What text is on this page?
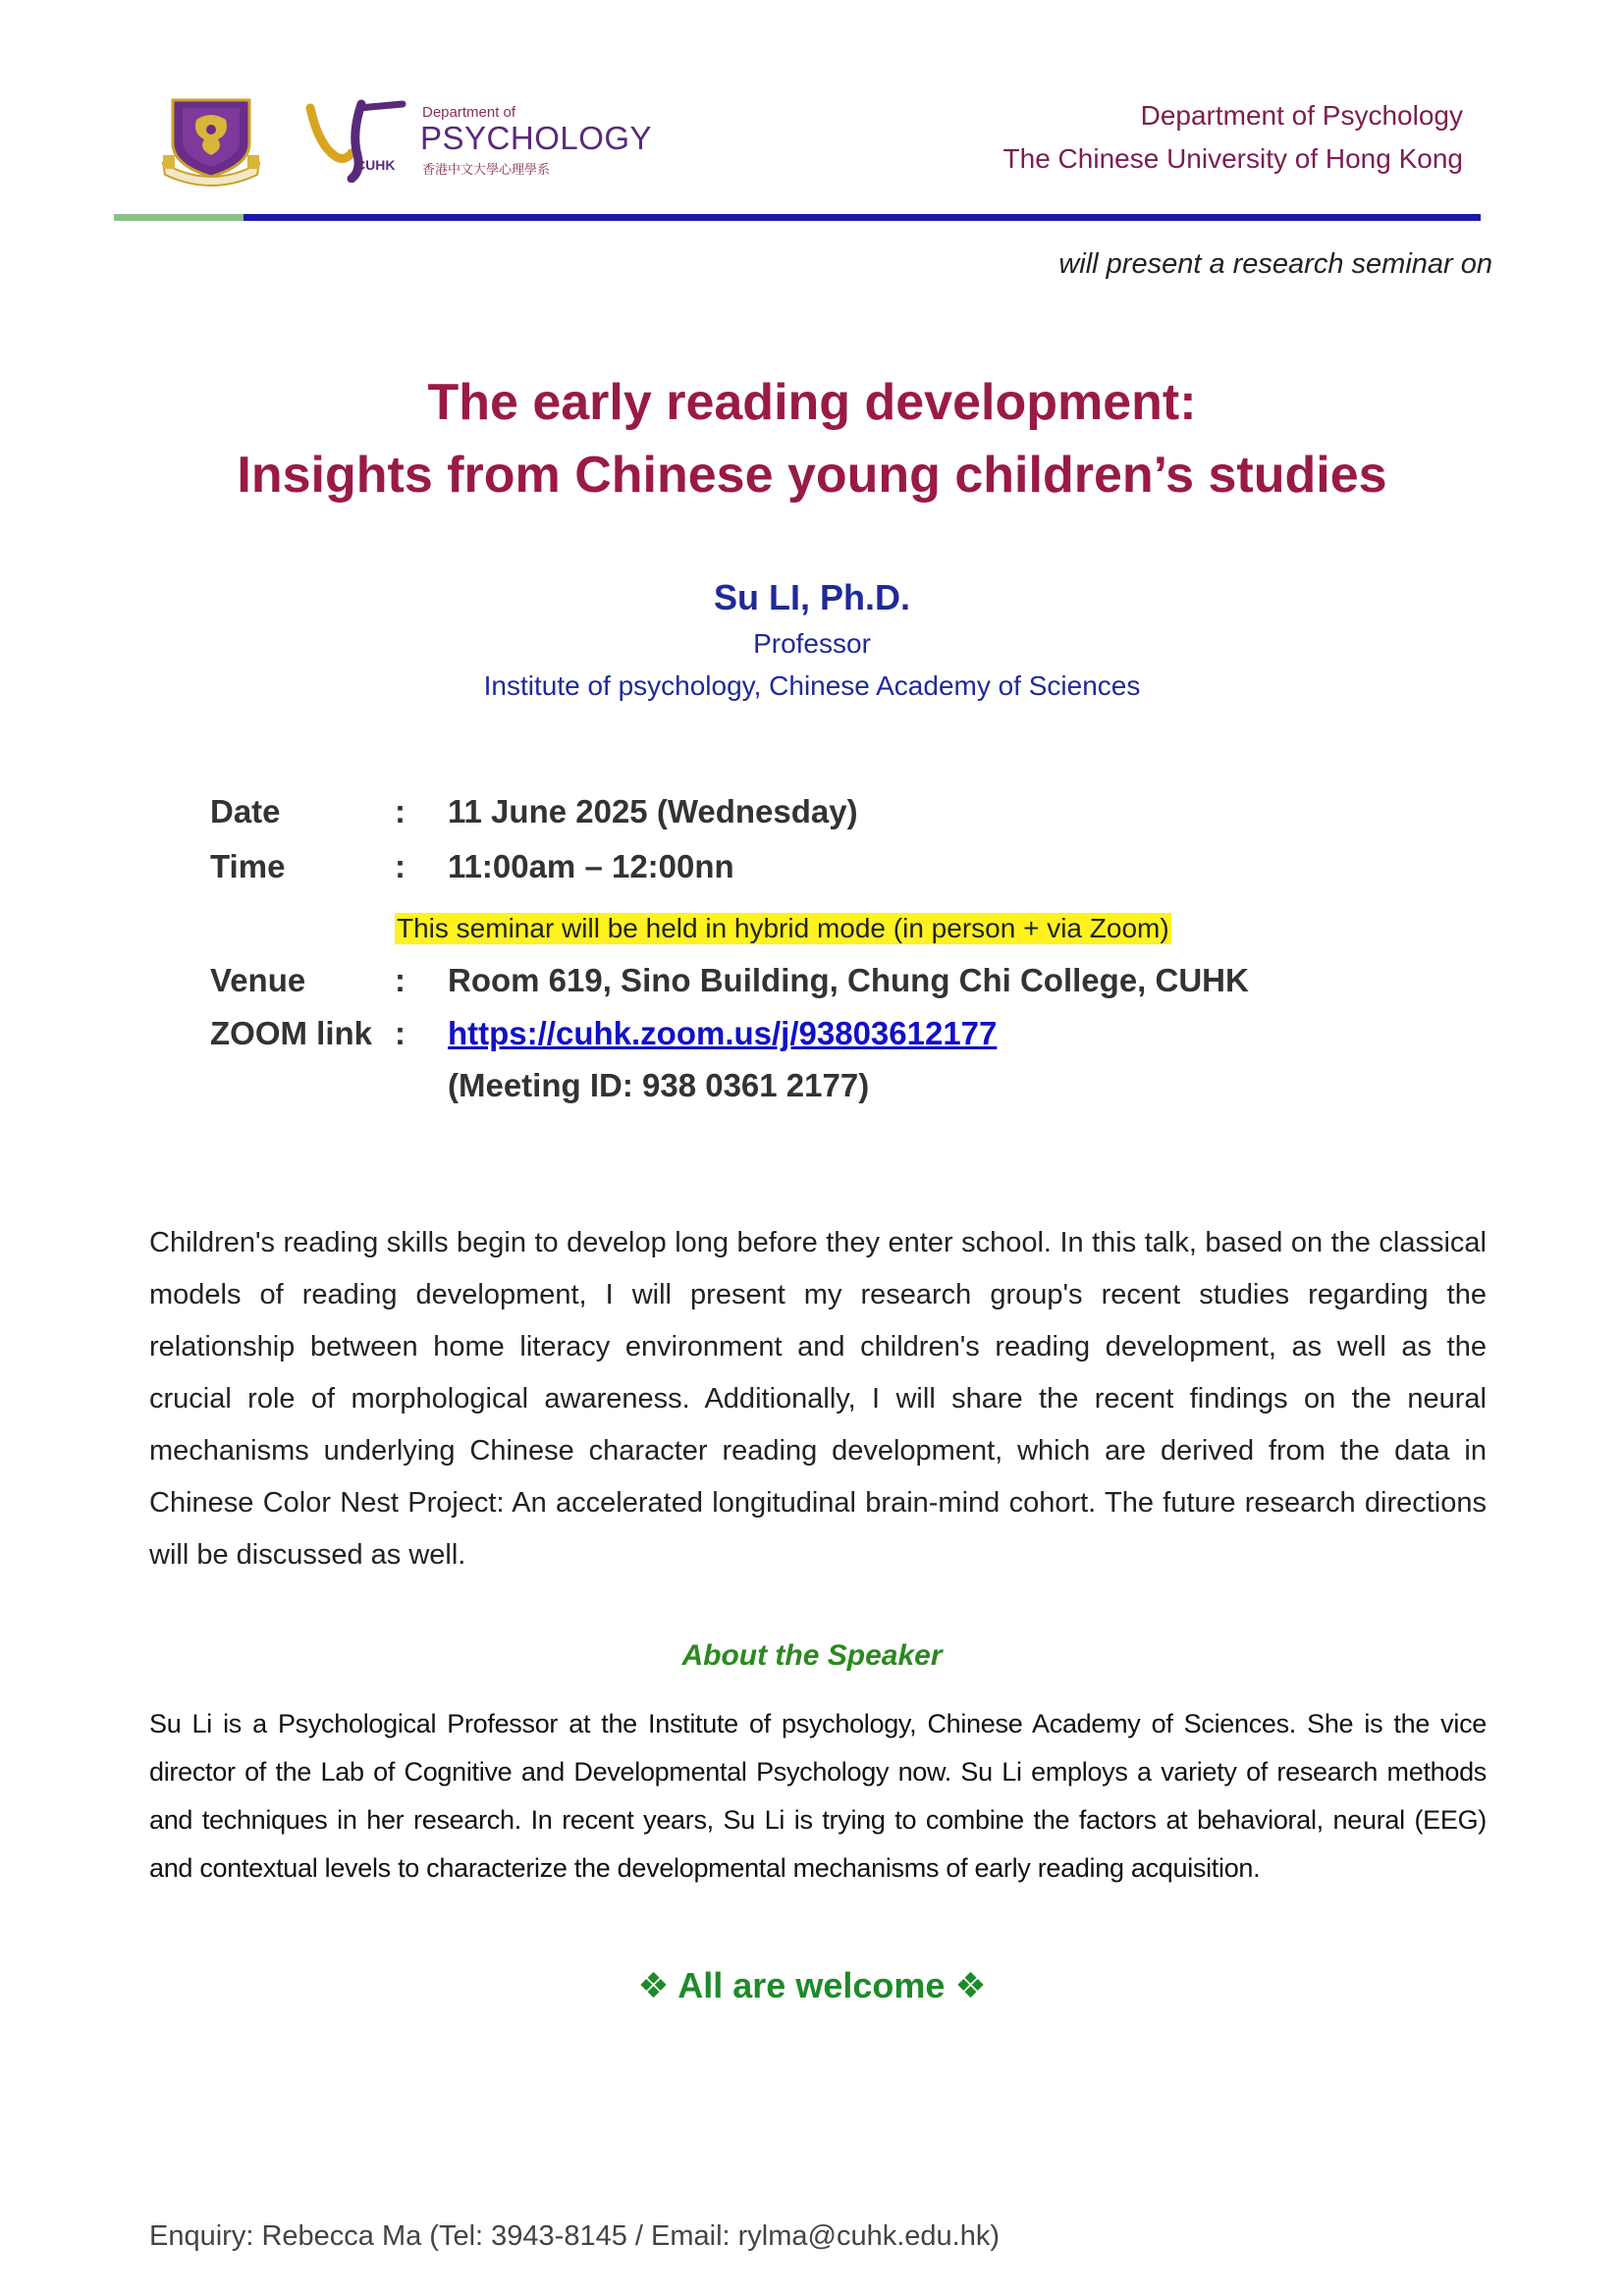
CUHK
Department of
PSYCHOLOGY
香港中文大學心理學系
Department of Psychology
The Chinese University of Hong Kong
will present a research seminar on
The early reading development:
Insights from Chinese young children’s studies
Su LI, Ph.D.
Professor
Institute of psychology, Chinese Academy of Sciences
Date	: 11 June 2025 (Wednesday)
Time	: 11:00am – 12:00nn
This seminar will be held in hybrid mode (in person + via Zoom)
Venue	: Room 619, Sino Building, Chung Chi College, CUHK
ZOOM link : https://cuhk.zoom.us/j/93803612177
(Meeting ID: 938 0361 2177)

Children's reading skills begin to develop long before they enter school. In this talk, based on the classical models of reading development, I will present my research group's recent studies regarding the relationship between home literacy environment and children's reading development, as well as the crucial role of morphological awareness. Additionally, I will share the recent findings on the neural mechanisms underlying Chinese character reading development, which are derived from the data in Chinese Color Nest Project: An accelerated longitudinal brain-mind cohort. The future research directions will be discussed as well.

About the Speaker

Su Li is a Psychological Professor at the Institute of psychology, Chinese Academy of Sciences. She is the vice director of the Lab of Cognitive and Developmental Psychology now. Su Li employs a variety of research methods and techniques in her research. In recent years, Su Li is trying to combine the factors at behavioral, neural (EEG) and contextual levels to characterize the developmental mechanisms of early reading acquisition.

❖ All are welcome ❖
Enquiry: Rebecca Ma (Tel: 3943-8145 / Email: rylma@cuhk.edu.hk)
